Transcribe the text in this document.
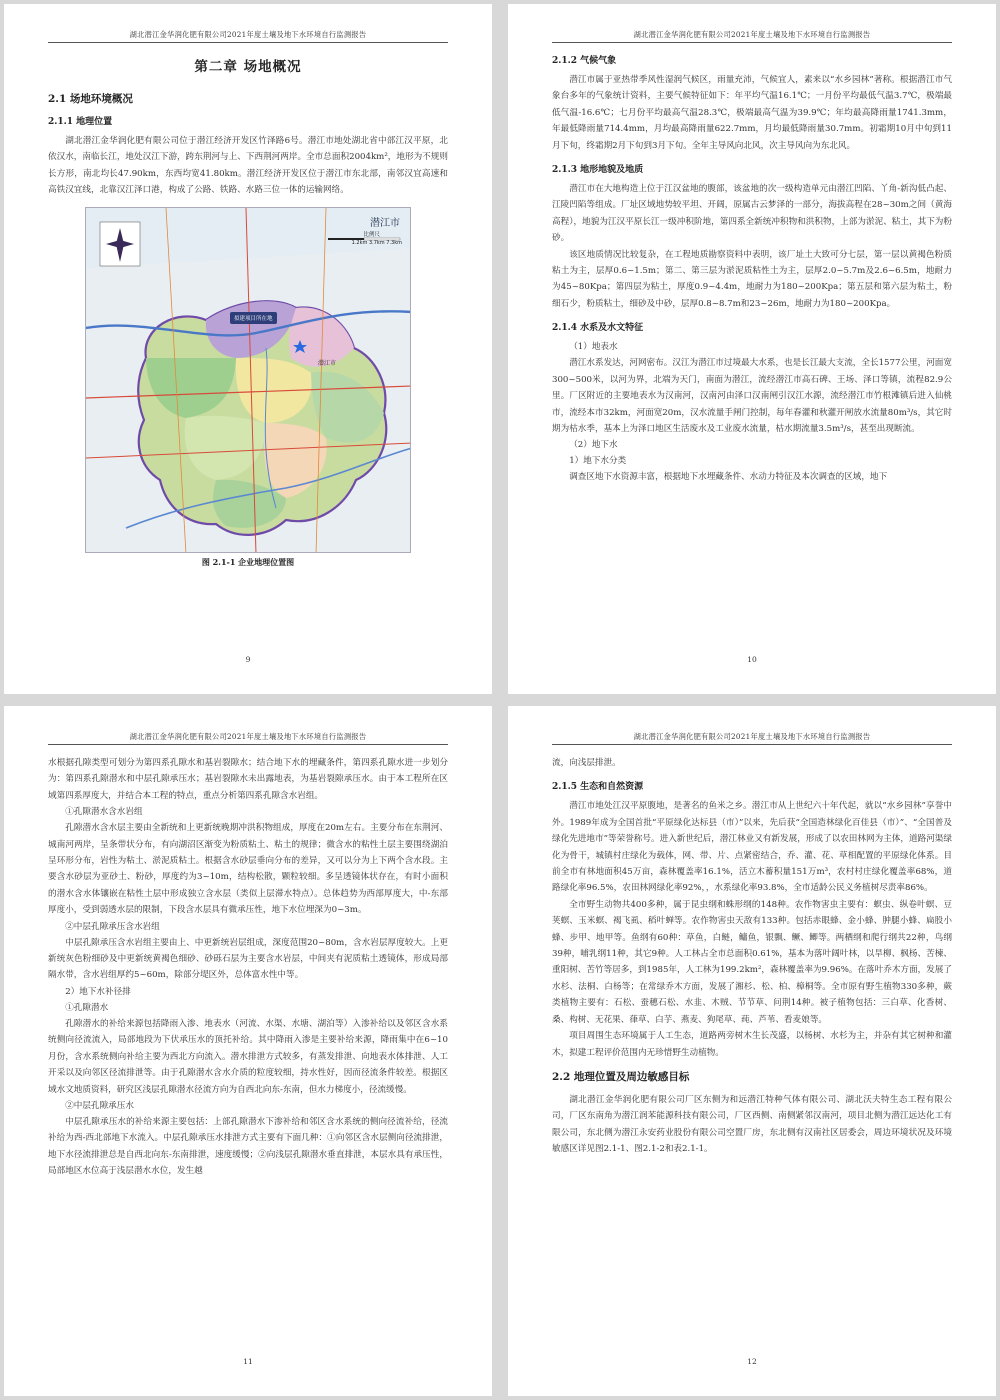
湖北潜江金华润化肥有限公司2021年度土壤及地下水环境自行监测报告
第二章 场地概况
2.1 场地环境概况
2.1.1 地理位置
湖北潜江金华润化肥有限公司位于潜江经济开发区竹泽路6号。潜江市地处湖北省中部江汉平原，北依汉水，南临长江，地处汉江下游，跨东荆河与上、下西荆河两岸。全市总面积2004km²，地形为不规则长方形，南北均长47.90km，东西均宽41.80km。潜江经济开发区位于潜江市东北部，南邻汉宜高速和高铁汉宜线，北靠汉江泽口港，构成了公路、铁路、水路三位一体的运输网络。
潜江市
比例尺
1.2km 3.7km 7.3km
拟建项目所在地
潜江市
图 2.1-1 企业地理位置图
9
湖北潜江金华润化肥有限公司2021年度土壤及地下水环境自行监测报告
2.1.2 气候气象
潜江市属于亚热带季风性湿润气候区，雨量充沛，气候宜人，素来以“水乡园林”著称。根据潜江市气象台多年的气象统计资料，主要气候特征如下：年平均气温16.1℃；一月份平均最低气温3.7℃，极端最低气温-16.6℃；七月份平均最高气温28.3℃，极端最高气温为39.9℃；年均最高降雨量1741.3mm，年最低降雨量714.4mm，月均最高降雨量622.7mm，月均最低降雨量30.7mm。初霜期10月中旬到11月下旬，终霜期2月下旬到3月下旬。全年主导风向北风，次主导风向为东北风。
2.1.3 地形地貌及地质
潜江市在大地构造上位于江汉盆地的腹部，该盆地的次一级构造单元由潜江凹陷、丫角-新沟低凸起、江陵凹陷等组成。厂址区域地势较平坦、开阔，原属古云梦泽的一部分，海拔高程在28~30m之间（黄海高程），地貌为江汉平原长江一级冲积阶地，第四系全新统冲积物和洪积物，上部为淤泥、粘土，其下为粉砂。
该区地质情况比较复杂，在工程地质勘察资料中表明，该厂址土大致可分七层，第一层以黄褐色粉质粘土为主，层厚0.6~1.5m；第二、第三层为淤泥质粘性土为主，层厚2.0~5.7m及2.6~6.5m，地耐力为45~80Kpa；第四层为粘土，厚度0.9~4.4m，地耐力为180~200Kpa；第五层和第六层为粘土，粉细石少，粉质粘土，细砂及中砂，层厚0.8~8.7m和23~26m，地耐力为180~200Kpa。
2.1.4 水系及水文特征
（1）地表水
潜江水系发达，河网密布。汉江为潜江市过境最大水系，也是长江最大支流，全长1577公里，河面宽300~500米，以河为界，北端为天门，南面为潜江，流经潜江市高石碑、王场、泽口等镇，流程82.9公里。厂区附近的主要地表水为汉南河，汉南河由泽口汉南闸引汉江水源，流经潜江市竹根滩镇后进入仙桃市，流经本市32km，河面宽20m，汉水流量手闸门控制，每年春灌和秋灌开闸放水流量80m³/s，其它时期为枯水季，基本上为泽口地区生活废水及工业废水流量，枯水期流量3.5m³/s，甚至出现断流。
（2）地下水
1）地下水分类
调查区地下水资源丰富，根据地下水埋藏条件、水动力特征及本次调查的区域，地下
10
湖北潜江金华润化肥有限公司2021年度土壤及地下水环境自行监测报告
水根据孔隙类型可划分为第四系孔隙水和基岩裂隙水；结合地下水的埋藏条件，第四系孔隙水进一步划分为：第四系孔隙潜水和中层孔隙承压水；基岩裂隙水未出露地表，为基岩裂隙承压水。由于本工程所在区域第四系厚度大，并结合本工程的特点，重点分析第四系孔隙含水岩组。
①孔隙潜水含水岩组
孔隙潜水含水层主要由全新统和上更新统晚期冲洪积物组成，厚度在20m左右。主要分布在东荆河、城南河两岸，呈条带状分布，有向湖沼区渐变为粉质粘土、粘土的规律；微含水的粘性土层主要围绕湖泊呈环形分布，岩性为粘土、淤泥质粘土。根据含水砂层垂向分布的差异，又可以分为上下两个含水段。主要含水砂层为亚砂土、粉砂，厚度约为3~10m，结构松散，颗粒较细。多呈透镜体状存在，有时小面积的潜水含水体镶嵌在粘性土层中形成独立含水层（类似上层滞水特点）。总体趋势为西部厚度大，中-东部厚度小，受到弱透水层的限制，下段含水层具有微承压性，地下水位埋深为0~3m。
②中层孔隙承压含水岩组
中层孔隙承压含水岩组主要由上、中更新统岩层组成，深度范围20~80m，含水岩层厚度较大。上更新统灰色粉细砂及中更新统黄褐色细砂、砂砾石层为主要含水岩层，中间夹有泥质粘土透镜体，形成局部隔水带，含水岩组厚约5~60m，除部分堤区外，总体富水性中等。
2）地下水补径排
①孔隙潜水
孔隙潜水的补给来源包括降雨入渗、地表水（河流、水渠、水塘、湖泊等）入渗补给以及邻区含水系统侧向径流流入，局部地段为下伏承压水的顶托补给。其中降雨入渗是主要补给来源，降雨集中在6~10月份，含水系统侧向补给主要为西北方向流入。潜水排泄方式较多，有蒸发排泄、向地表水体排泄、人工开采以及向邻区径流排泄等。由于孔隙潜水含水介质的粒度较细，持水性好，因而径流条件较差。根据区域水文地质资料，研究区浅层孔隙潜水径流方向为自西北向东-东南，但水力梯度小，径流缓慢。
②中层孔隙承压水
中层孔隙承压水的补给来源主要包括：上部孔隙潜水下渗补给和邻区含水系统的侧向径流补给，径流补给为西-西北部地下水流入。中层孔隙承压水排泄方式主要有下面几种：①向邻区含水层侧向径流排泄，地下水径流排泄总是自西北向东-东南排泄，速度缓慢；②向浅层孔隙潜水垂直排泄，本层水具有承压性，局部地区水位高于浅层潜水水位，发生越
11
湖北潜江金华润化肥有限公司2021年度土壤及地下水环境自行监测报告
流，向浅层排泄。
2.1.5 生态和自然资源
潜江市地处江汉平原腹地，是著名的鱼米之乡。潜江市从上世纪六十年代起，就以“水乡园林”享誉中外。1989年成为全国首批“平原绿化达标县（市）”以来，先后获“全国造林绿化百佳县（市）”、“全国普及绿化先进地市”等荣誉称号。进入新世纪后，潜江林业又有新发展，形成了以农田林网为主体，道路河渠绿化为骨干，城镇村庄绿化为载体，网、带、片、点紧密结合，乔、灌、花、草相配置的平原绿化体系。目前全市有林地面积45万亩，森林覆盖率16.1%，活立木蓄积量151万m³，农村村庄绿化覆盖率68%，道路绿化率96.5%，农田林网绿化率92%，，水系绿化率93.8%，全市适龄公民义务植树尽责率86%。
全市野生动物共400多种，属于昆虫纲和蛛形纲的148种。农作物害虫主要有：螟虫、纵卷叶螟、豆荚螟、玉米螟、褐飞虱、稻叶蝉等。农作物害虫天敌有133种。包括赤眼蜂、金小蜂、肿腿小蜂、扁股小蜂、步甲、地甲等。鱼纲有60种：草鱼，白鲢，鳙鱼，银飘、鳜、鲫等。两栖纲和爬行纲共22种，鸟纲39种，哺乳纲11种，其它9种。人工林占全市总面积0.61%，基本为落叶阔叶林，以旱柳、枫杨、苦楝、重阳树、苦竹等居多，到1985年，人工林为199.2km²，森林覆盖率为9.96%。在落叶乔木方面，发展了水杉、法桐、白杨等；在常绿乔木方面，发展了湘杉、松、柏、樟桐等。全市原有野生植物330多种，蕨类植物主要有：石松、蚕穗石松、水韭、木贼、节节草、问荆14种。被子植物包括：三白草、化香树、桑、构树、无花果、葎草、白芋、燕麦、狗尾草、莼、芦苇、看麦娘等。
项目周围生态环境属于人工生态，道路两旁树木生长茂盛，以杨树、水杉为主，并杂有其它树种和灌木，拟建工程评价范围内无珍惜野生动植物。
2.2 地理位置及周边敏感目标
湖北潜江金华润化肥有限公司厂区东侧为和远潜江特种气体有限公司、湖北沃夫特生态工程有限公司，厂区东南角为潜江润苯能源科技有限公司，厂区西侧、南侧紧邻汉南河，项目北侧为潜江远达化工有限公司，东北侧为潜江永安药业股份有限公司空置厂房，东北侧有汉南社区居委会，周边环境状况及环境敏感区详见图2.1-1、图2.1-2和表2.1-1。
12
